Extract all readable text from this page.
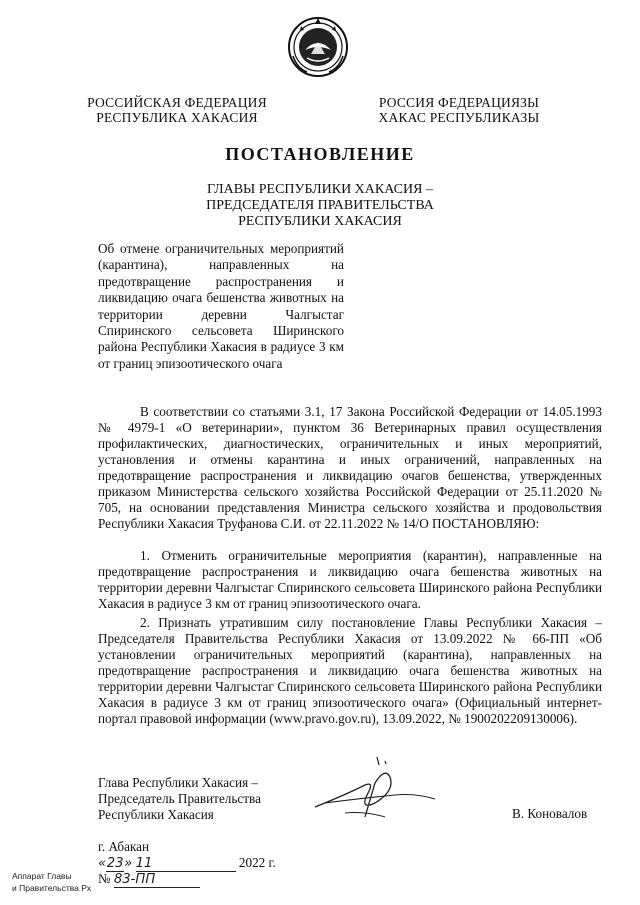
РОССИЙСКАЯ ФЕДЕРАЦИЯ
РЕСПУБЛИКА ХАКАСИЯ
РОССИЯ ФЕДЕРАЦИЯЗЫ
ХАКАС РЕСПУБЛИКАЗЫ
ПОСТАНОВЛЕНИЕ
ГЛАВЫ РЕСПУБЛИКИ ХАКАСИЯ –
ПРЕДСЕДАТЕЛЯ ПРАВИТЕЛЬСТВА
РЕСПУБЛИКИ ХАКАСИЯ
Об отмене ограничительных мероприятий (карантина), направленных на предотвращение распространения и ликвидацию очага бешенства животных на территории деревни Чалгыстаг Спиринского сельсовета Ширинского района Республики Хакасия в радиусе 3 км от границ эпизоотического очага
В соответствии со статьями 3.1, 17 Закона Российской Федерации от 14.05.1993 № 4979-1 «О ветеринарии», пунктом 36 Ветеринарных правил осуществления профилактических, диагностических, ограничительных и иных мероприятий, установления и отмены карантина и иных ограничений, направленных на предотвращение распространения и ликвидацию очагов бешенства, утвержденных приказом Министерства сельского хозяйства Российской Федерации от 25.11.2020 № 705, на основании представления Министра сельского хозяйства и продовольствия Республики Хакасия Труфанова С.И. от 22.11.2022 № 14/О ПОСТАНОВЛЯЮ:
1. Отменить ограничительные мероприятия (карантин), направленные на предотвращение распространения и ликвидацию очага бешенства животных на территории деревни Чалгыстаг Спиринского сельсовета Ширинского района Республики Хакасия в радиусе 3 км от границ эпизоотического очага.
2. Признать утратившим силу постановление Главы Республики Хакасия – Председателя Правительства Республики Хакасия от 13.09.2022 № 66-ПП «Об установлении ограничительных мероприятий (карантина), направленных на предотвращение распространения и ликвидацию очага бешенства животных на территории деревни Чалгыстаг Спиринского сельсовета Ширинского района Республики Хакасия в радиусе 3 км от границ эпизоотического очага» (Официальный интернет-портал правовой информации (www.pravo.gov.ru), 13.09.2022, № 1900202209130006).
Глава Республики Хакасия –
Председатель Правительства
Республики Хакасия	В. Коновалов
г. Абакан
«23» 11	2022 г.
№ 83-ПП
Аппарат Главы
и Правительства Рх
